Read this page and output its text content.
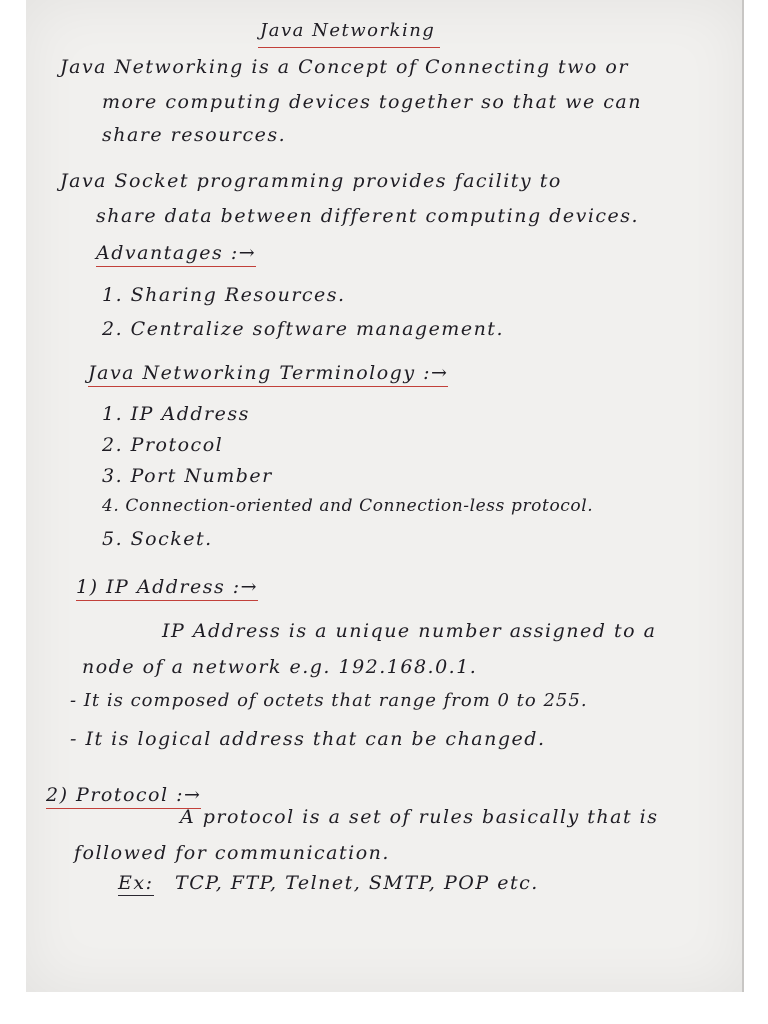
Java Networking
Java Networking is a Concept of Connecting two or
more computing devices together so that we can
share resources.
Java Socket programming provides facility to
share data between different computing devices.
Advantages :→
1. Sharing Resources.
2. Centralize software management.
Java Networking Terminology :→
1. IP Address
2. Protocol
3. Port Number
4. Connection-oriented and Connection-less protocol.
5. Socket.
1) IP Address :→
IP Address is a unique number assigned to a
node of a network e.g. 192.168.0.1.
- It is composed of octets that range from 0 to 255.
- It is logical address that can be changed.
2) Protocol :→
A protocol is a set of rules basically that is
followed for communication.
Ex: TCP, FTP, Telnet, SMTP, POP etc.
